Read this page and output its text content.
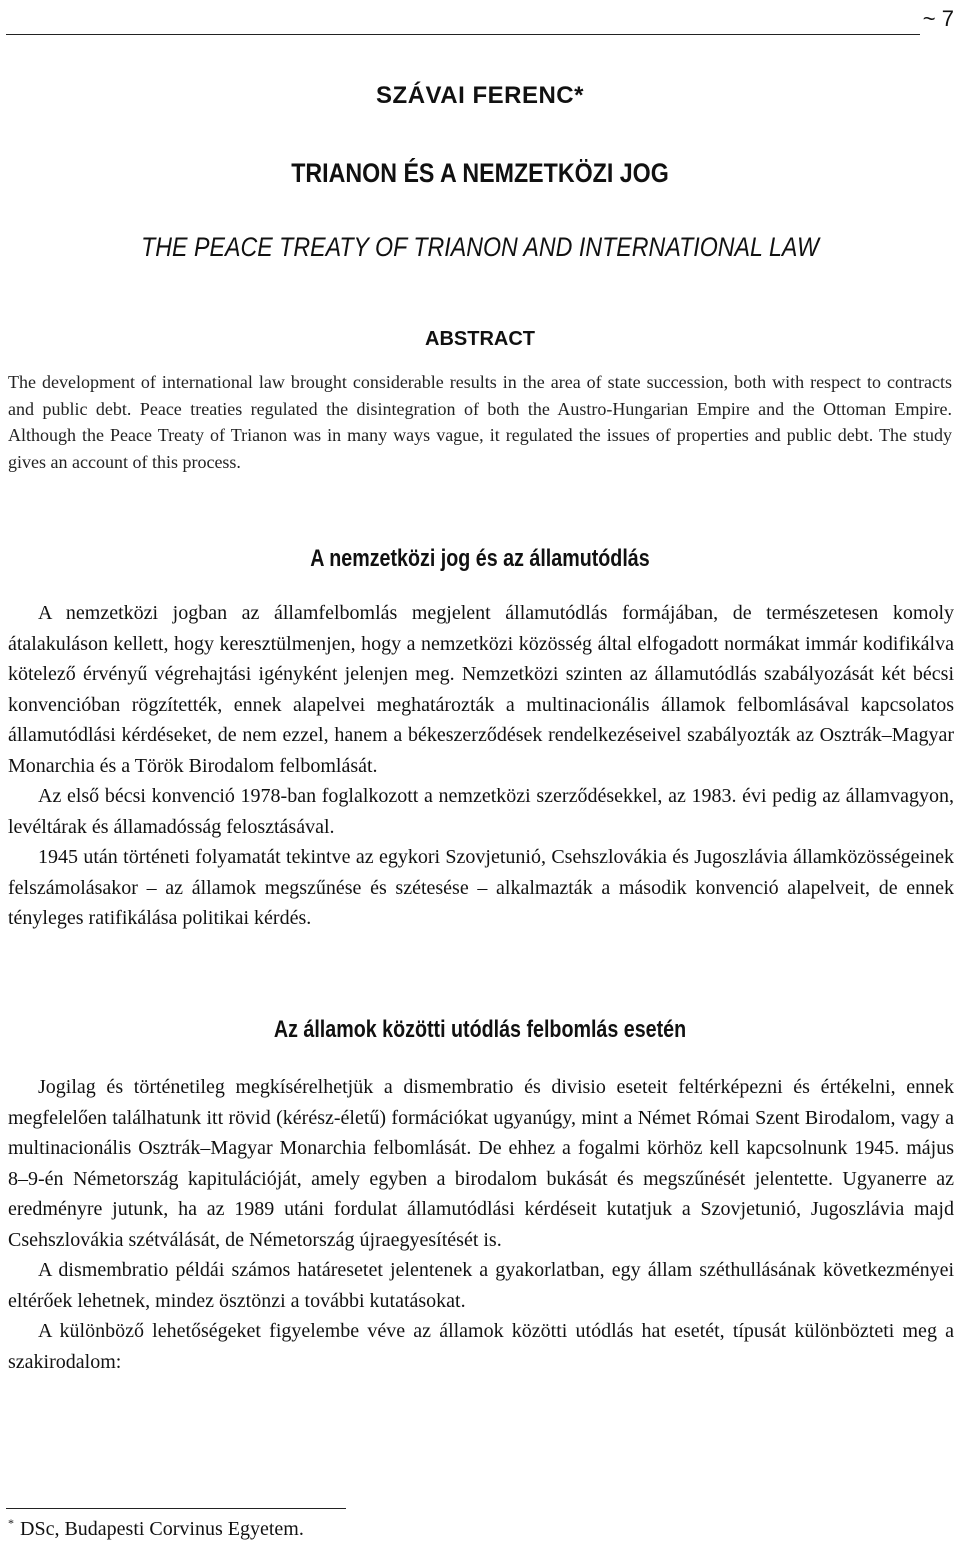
~ 7
SZÁVAI FERENC*
TRIANON ÉS A NEMZETKÖZI JOG
THE PEACE TREATY OF TRIANON AND INTERNATIONAL LAW
ABSTRACT
The development of international law brought considerable results in the area of state succession, both with respect to contracts and public debt. Peace treaties regulated the disintegration of both the Austro-Hungarian Empire and the Ottoman Empire. Although the Peace Treaty of Trianon was in many ways vague, it regulated the issues of properties and public debt. The study gives an account of this process.
A nemzetközi jog és az államutódlás

A nemzetközi jogban az államfelbomlás megjelent államutódlás formájában, de természetesen komoly átalakuláson kellett, hogy keresztülmenjen, hogy a nemzetközi közösség által elfogadott normákat immár kodifikálva kötelező érvényű végrehajtási igényként jelenjen meg. Nemzetközi szinten az államutódlás szabályozását két bécsi konvencióban rögzítették, ennek alapelvei meghatározták a multinacionális államok felbomlásával kapcsolatos államutódlási kérdéseket, de nem ezzel, hanem a békeszerződések rendelkezéseivel szabályozták az Osztrák–Magyar Monarchia és a Török Birodalom felbomlását.

Az első bécsi konvenció 1978-ban foglalkozott a nemzetközi szerződésekkel, az 1983. évi pedig az államvagyon, levéltárak és államadósság felosztásával.

1945 után történeti folyamatát tekintve az egykori Szovjetunió, Csehszlovákia és Jugoszlávia államközösségeinek felszámolásakor – az államok megszűnése és szétesése – alkalmazták a második konvenció alapelveit, de ennek tényleges ratifikálása politikai kérdés.

Az államok közötti utódlás felbomlás esetén

Jogilag és történetileg megkísérelhetjük a dismembratio és divisio eseteit feltérképezni és értékelni, ennek megfelelően találhatunk itt rövid (kérész-életű) formációkat ugyanúgy, mint a Német Római Szent Birodalom, vagy a multinacionális Osztrák–Magyar Monarchia felbomlását. De ehhez a fogalmi körhöz kell kapcsolnunk 1945. május 8–9-én Németország kapitulációját, amely egyben a birodalom bukását és megszűnését jelentette. Ugyanerre az eredményre jutunk, ha az 1989 utáni fordulat államutódlási kérdéseit kutatjuk a Szovjetunió, Jugoszlávia majd Csehszlovákia szétválását, de Németország újraegyesítését is.

A dismembratio példái számos határesetet jelentenek a gyakorlatban, egy állam széthullásának következményei eltérőek lehetnek, mindez ösztönzi a további kutatásokat.

A különböző lehetőségeket figyelembe véve az államok közötti utódlás hat esetét, típusát különbözteti meg a szakirodalom:

* DSc, Budapesti Corvinus Egyetem.
